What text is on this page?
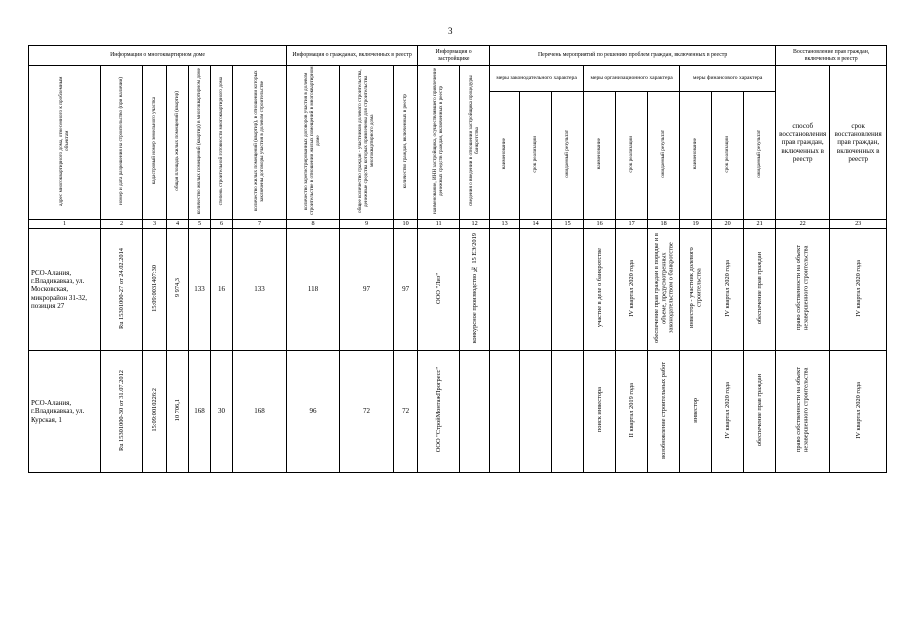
3
Информация о многоквартирном доме							Информация о гражданах, включенных в реестр			Информация о застройщике		Перечень мероприятий по решению проблем граждан, включенных в реестр									Восстановление прав граждан, включенных в реестр	
адрес многоквартирного дома, отнесенного к проблемным объектам	номер и дата разрешения на строительство (при наличии)	кадастровый номер земельного участка	общая площадь жилых помещений (квартир)	количество жилых помещений (квартир) в многоквартирном доме	степень строительной готовности многоквартирного дома	количество жилых помещений (квартир), в отношении которых заключены договоры участия в долевом строительстве	количество зарегистрированных договоров участия в долевом строительстве в отношении жилых помещений в многоквартирном доме	общее количество граждан - участников долевого строительства, денежные средства которых привлечены для строительства многоквартирного дома	количество граждан, включенных в реестр	наименование, ИНН застройщика, осуществлявшего привлечение денежных средств граждан, включенных в реестр	сведения о введении в отношении застройщика процедуры банкротства	меры законодательного характера			меры организационного характера			меры финансового характера			способ восстановления прав граждан, включенных в реестр	срок восстановления прав граждан, включенных в реестр
												наименование	срок реализации	ожидаемый результат	наименование	срок реализации	ожидаемый результат	наименование	срок реализации	ожидаемый результат		
1	2	3	4	5	6	7	8	9	10	11	12	13	14	15	16	17	18	19	20	21	22	23
РСО-Алания, г.Владикавказ, ул. Московская, микрорайон 31-32, позиция 27	Ru 15301000-27 от 24.02.2014	15:09:0031407:30	9 974,3	133	16	133	118	97	97	ООО "Лиз"	конкурсное производство № 15 ЕЭ/2019				участие в деле о банкротстве	IV квартал 2020 года	обеспечение прав граждан в порядке и в объеме, предусмотренных законодательством о банкротстве	инвестор - участник долевого строительства	IV квартал 2020 года	обеспечение прав граждан	право собственности на объект незавершенного строительства	IV квартал 2020 года
РСО-Алания, г.Владикавказ, ул. Курская, 1	Ru 15301000-30 от 31.07.2012	15:09:0010226:2	10 706,1	168	30	168	96	72	72	ООО "СтройМонтажПрогресс"					поиск инвестора	II квартал 2019 года	возобновление строительных работ	инвестор	IV квартал 2020 года	обеспечение прав граждан	право собственности на объект незавершенного строительства	IV квартал 2020 года
